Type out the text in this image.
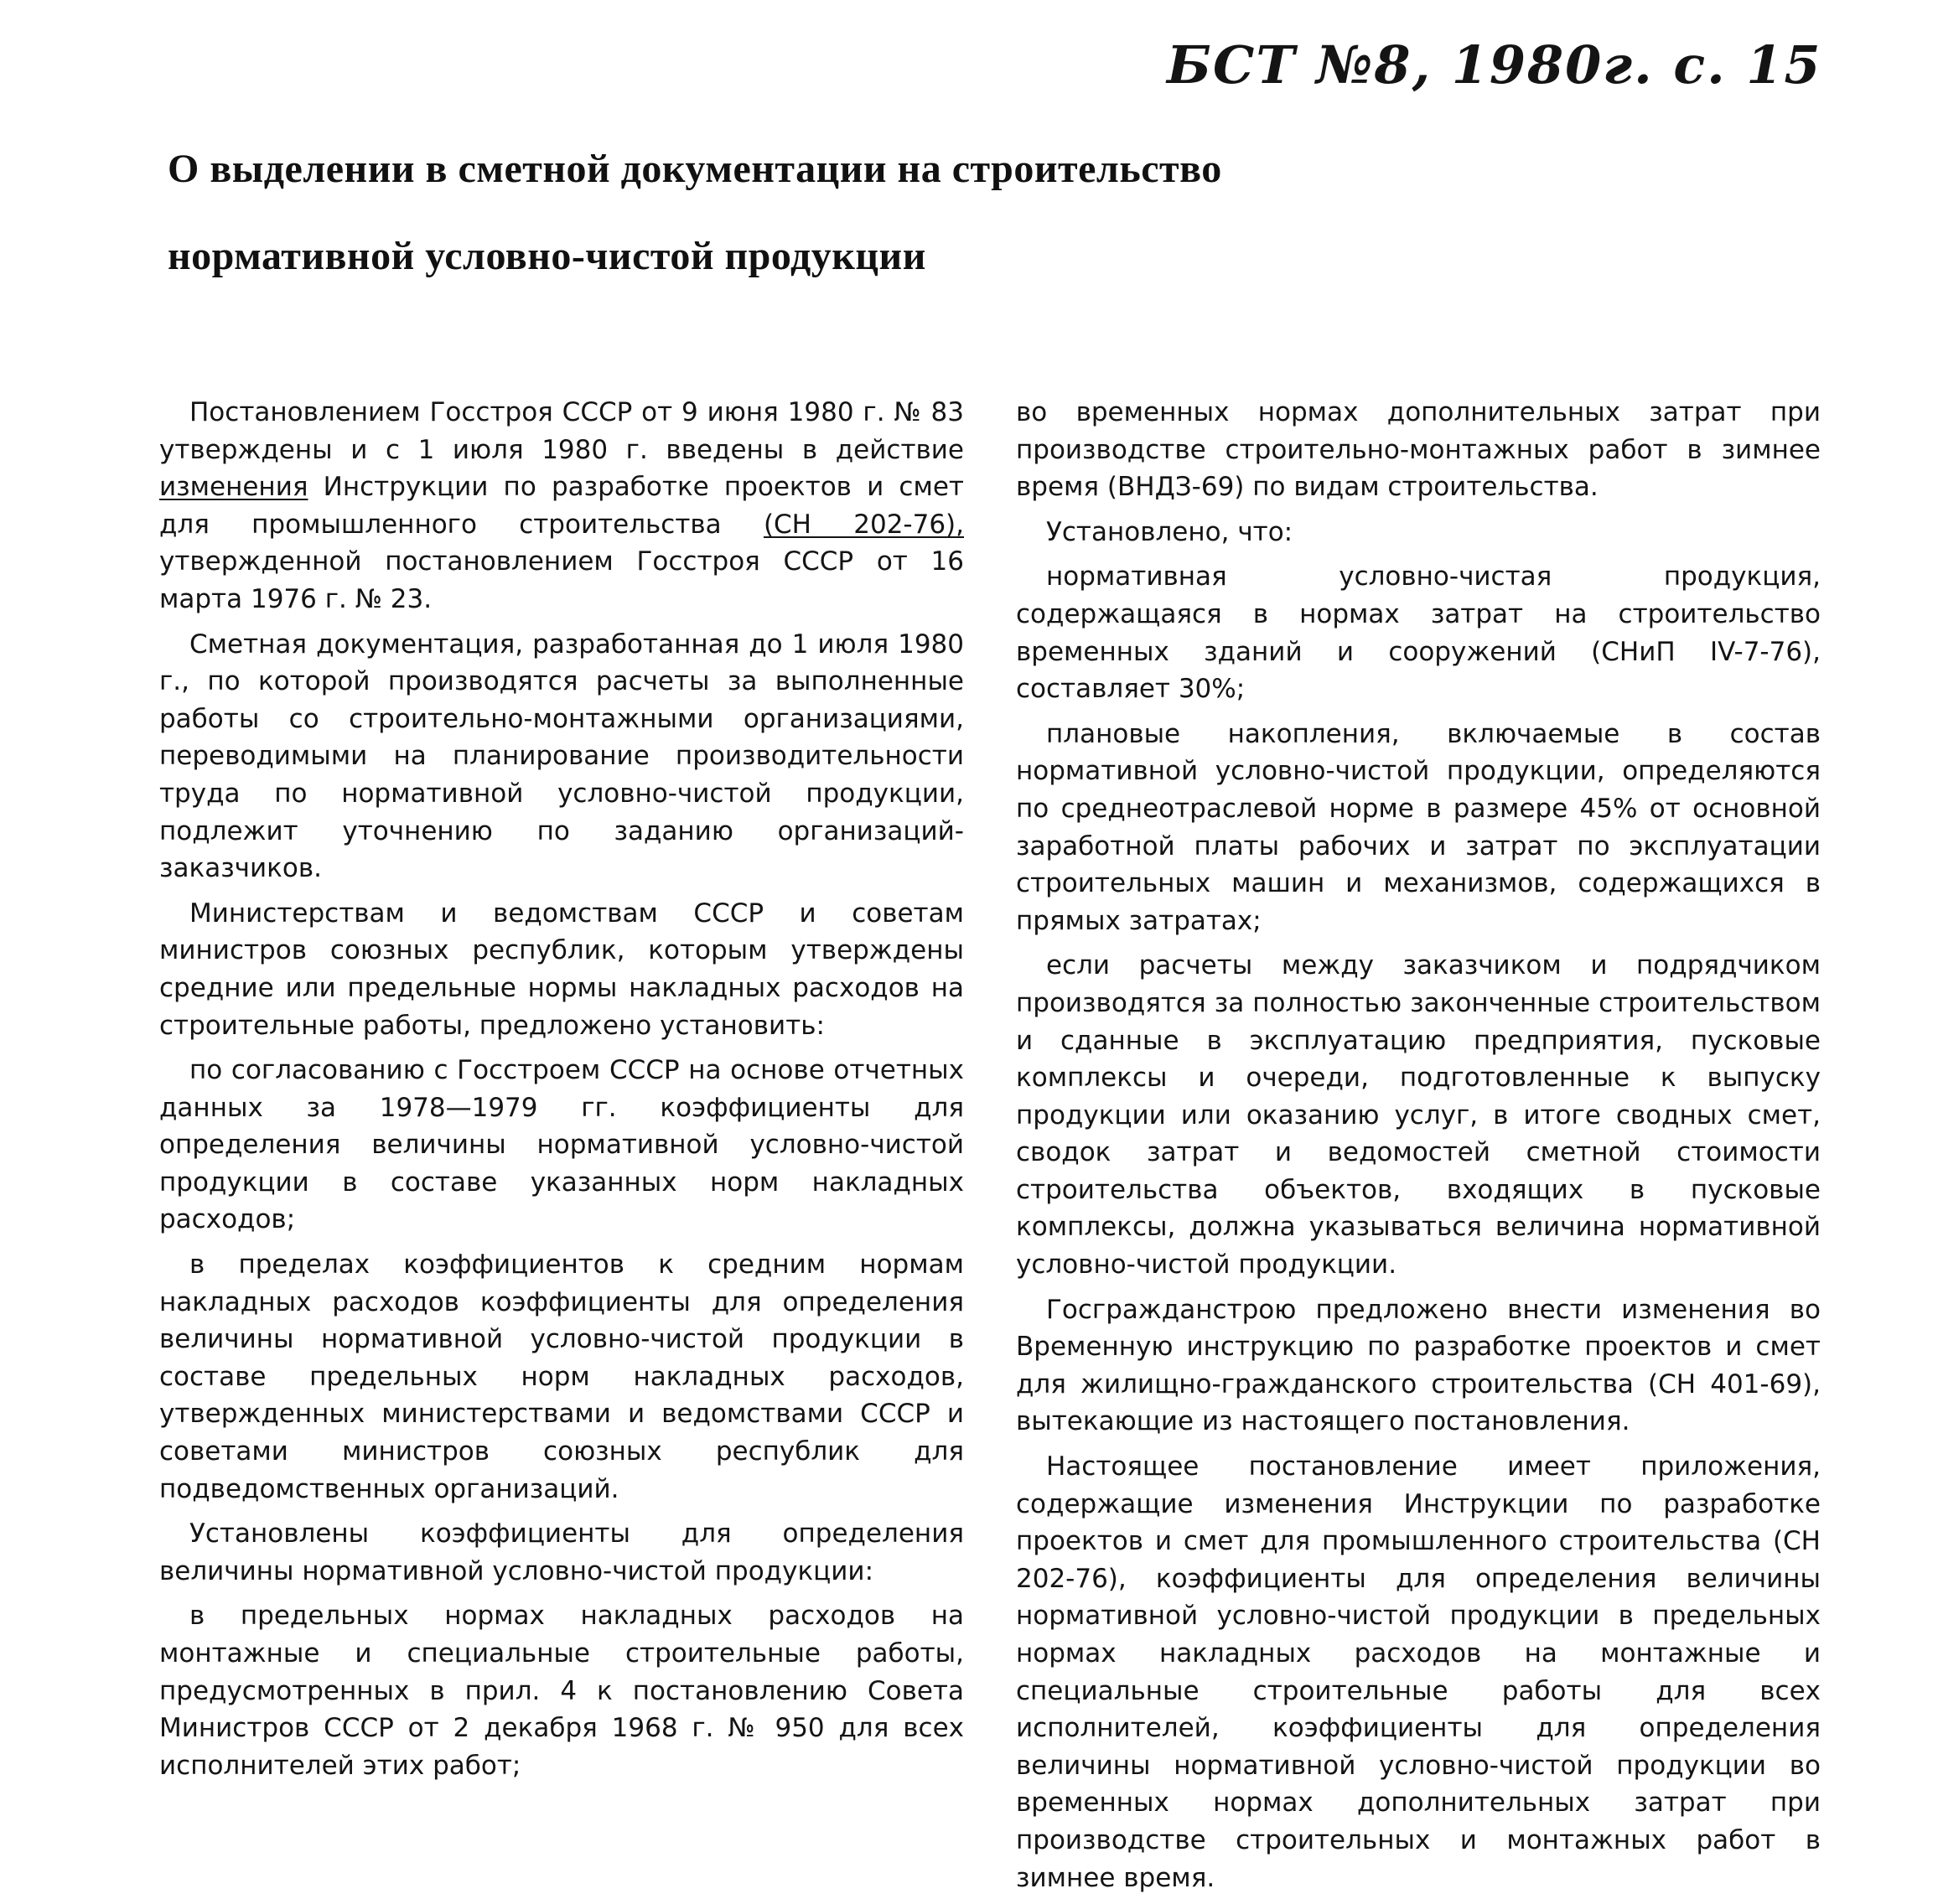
БСТ №8, 1980г. с. 15
О выделении в сметной документации на строительство
нормативной условно-чистой продукции

Постановлением Госстроя СССР от 9 июня 1980 г. № 83 утверждены и с 1 июля 1980 г. введены в действие изменения Инструкции по разработке проектов и смет для промышленного строительства (СН 202-76), утвержденной постановлением Госстроя СССР от 16 марта 1976 г. № 23.

Сметная документация, разработанная до 1 июля 1980 г., по которой производятся расчеты за выполненные работы со строительно-монтажными организациями, переводимыми на планирование производительности труда по нормативной условно-чистой продукции, подлежит уточнению по заданию организаций-заказчиков.

Министерствам и ведомствам СССР и советам министров союзных республик, которым утверждены средние или предельные нормы накладных расходов на строительные работы, предложено установить:

по согласованию с Госстроем СССР на основе отчетных данных за 1978—1979 гг. коэффициенты для определения величины нормативной условно-чистой продукции в составе указанных норм накладных расходов;

в пределах коэффициентов к средним нормам накладных расходов коэффициенты для определения величины нормативной условно-чистой продукции в составе предельных норм накладных расходов, утвержденных министерствами и ведомствами СССР и советами министров союзных республик для подведомственных организаций.

Установлены коэффициенты для определения величины нормативной условно-чистой продукции:

в предельных нормах накладных расходов на монтажные и специальные строительные работы, предусмотренных в прил. 4 к постановлению Совета Министров СССР от 2 декабря 1968 г. № 950 для всех исполнителей этих работ;

во временных нормах дополнительных затрат при производстве строительно-монтажных работ в зимнее время (ВНДЗ-69) по видам строительства.

Установлено, что:

нормативная условно-чистая продукция, содержащаяся в нормах затрат на строительство временных зданий и сооружений (СНиП IV-7-76), составляет 30%;

плановые накопления, включаемые в состав нормативной условно-чистой продукции, определяются по среднеотраслевой норме в размере 45% от основной заработной платы рабочих и затрат по эксплуатации строительных машин и механизмов, содержащихся в прямых затратах;

если расчеты между заказчиком и подрядчиком производятся за полностью законченные строительством и сданные в эксплуатацию предприятия, пусковые комплексы и очереди, подготовленные к выпуску продукции или оказанию услуг, в итоге сводных смет, сводок затрат и ведомостей сметной стоимости строительства объектов, входящих в пусковые комплексы, должна указываться величина нормативной условно-чистой продукции.

Госгражданстрою предложено внести изменения во Временную инструкцию по разработке проектов и смет для жилищно-гражданского строительства (СН 401-69), вытекающие из настоящего постановления.

Настоящее постановление имеет приложения, содержащие изменения Инструкции по разработке проектов и смет для промышленного строительства (СН 202-76), коэффициенты для определения величины нормативной условно-чистой продукции в предельных нормах накладных расходов на монтажные и специальные строительные работы для всех исполнителей, коэффициенты для определения величины нормативной условно-чистой продукции во временных нормах дополнительных затрат при производстве строительных и монтажных работ в зимнее время.
